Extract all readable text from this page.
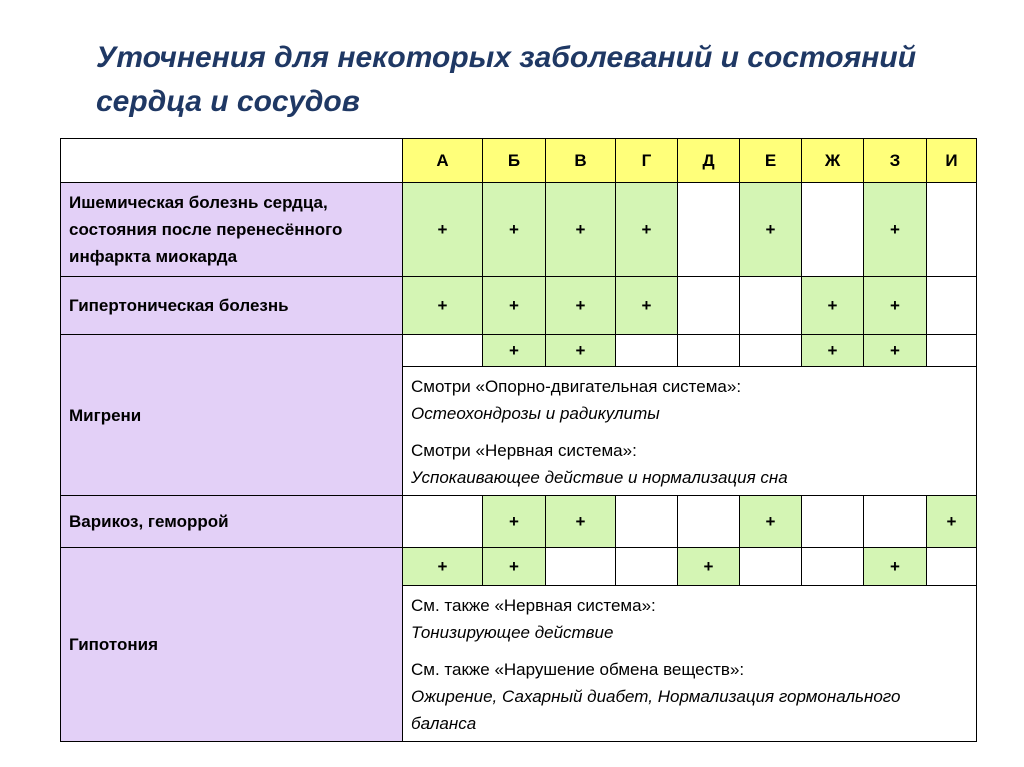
Уточнения для некоторых заболеваний и состояний сердца и сосудов
	А	Б	В	Г	Д	Е	Ж	З	И
Ишемическая болезнь сердца, состояния после перенесённого инфаркта миокарда	+	+	+	+		+		+	
Гипертоническая болезнь	+	+	+	+			+	+	
Мигрени		+	+				+	+	

	Смотри «Опорно-двигательная система»:
Остеохондрозы и радикулиты
Смотри «Нервная система»:
Успокаивающее действие и нормализация сна								

Варикоз, геморрой		+	+			+			+
Гипотония	+	+			+			+	

	См. также «Нервная система»:
Тонизирующее действие
См. также «Нарушение обмена веществ»:
Ожирение, Сахарный диабет, Нормализация гормонального баланса								
